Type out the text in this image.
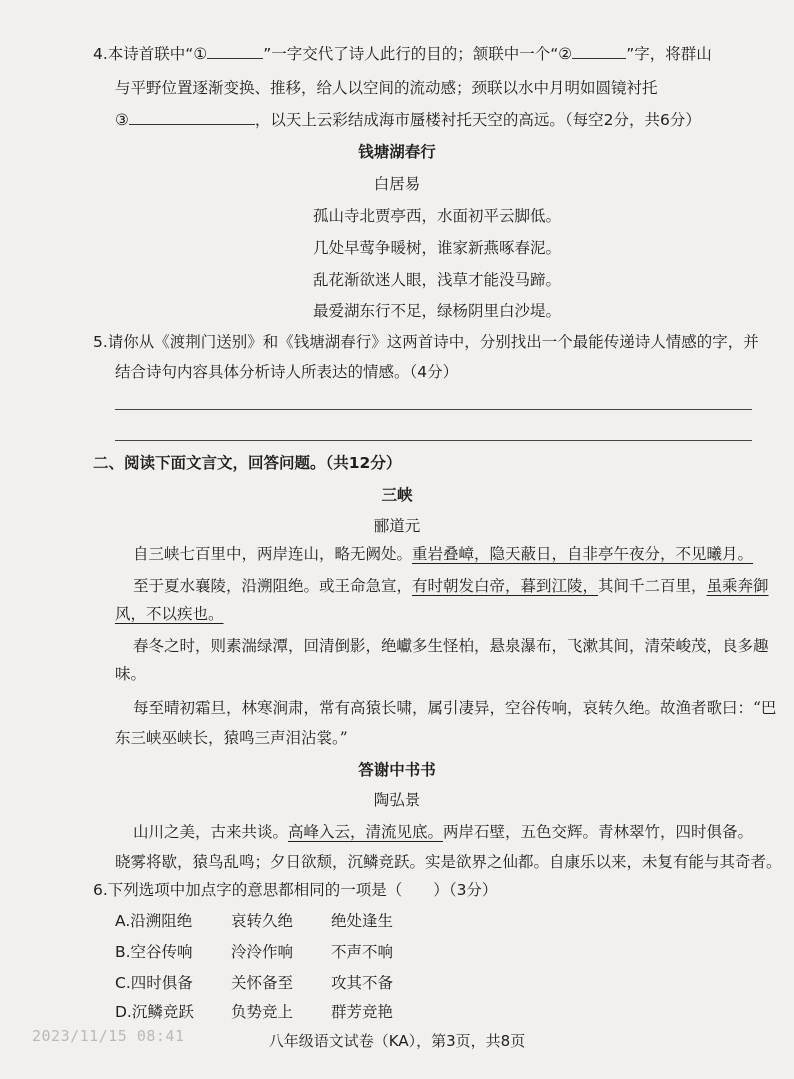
4.本诗首联中“①	”一字交代了诗人此行的目的；颔联中一个“②	”字，将群山
与平野位置逐渐变换、推移，给人以空间的流动感；颈联以水中月明如圆镜衬托
③	，以天上云彩结成海市蜃楼衬托天空的高远。（每空2分，共6分）
钱塘湖春行
白居易
孤山寺北贾亭西，水面初平云脚低。
几处早莺争暖树，谁家新燕啄春泥。
乱花渐欲迷人眼，浅草才能没马蹄。
最爱湖东行不足，绿杨阴里白沙堤。
5.请你从《渡荆门送别》和《钱塘湖春行》这两首诗中，分别找出一个最能传递诗人情感的字，并
结合诗句内容具体分析诗人所表达的情感。（4分）
二、阅读下面文言文，回答问题。（共12分）
三峡
郦道元
自三峡七百里中，两岸连山，略无阙处。重岩叠嶂，隐天蔽日，自非亭午夜分，不见曦月。
至于夏水襄陵，沿溯阻绝。或王命急宣，有时朝发白帝，暮到江陵，其间千二百里，虽乘奔御
风，不以疾也。
春冬之时，则素湍绿潭，回清倒影，绝巘多生怪柏，悬泉瀑布，飞漱其间，清荣峻茂，良多趣
味。
每至晴初霜旦，林寒涧肃，常有高猿长啸，属引凄异，空谷传响，哀转久绝。故渔者歌曰：“巴
东三峡巫峡长，猿鸣三声泪沾裳。”
答谢中书书
陶弘景
山川之美，古来共谈。高峰入云，清流见底。两岸石壁，五色交辉。青林翠竹，四时俱备。
晓雾将歇，猿鸟乱鸣；夕日欲颓，沉鳞竞跃。实是欲界之仙都。自康乐以来，未复有能与其奇者。
6.下列选项中加点字的意思都相同的一项是（　　）（3分）
A.沿溯阻绝 哀转久绝 绝处逢生
B.空谷传响 泠泠作响 不声不响
C.四时俱备 关怀备至 攻其不备
D.沉鳞竞跃 负势竞上 群芳竞艳
2023/11/15 08:41	八年级语文试卷（KA），第3页，共8页
